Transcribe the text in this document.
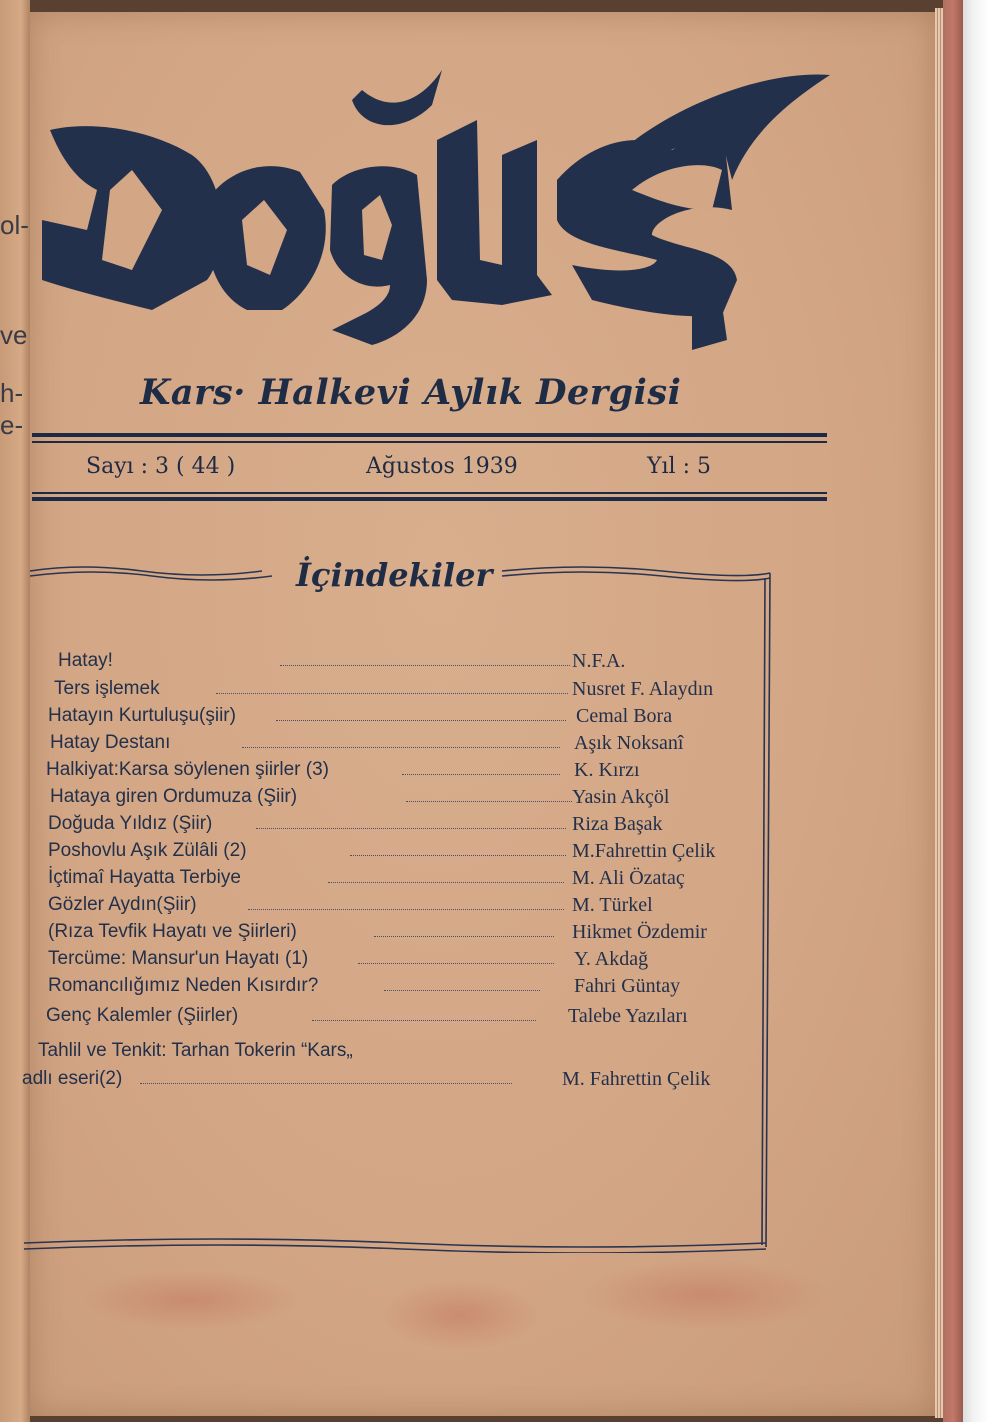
ol-
ve
h-
e-
Kars· Halkevi Aylık Dergisi
Sayı : 3 ( 44 )	Ağustos 1939	Yıl : 5
İçindekiler
Hatay!	N.F.A.
Ters işlemek	Nusret F. Alaydın
Hatayın Kurtuluşu(şiir)	Cemal Bora
Hatay Destanı	Aşık Noksanî
Halkiyat:Karsa söylenen şiirler (3)	K. Kırzı
Hataya giren Ordumuza (Şiir)	Yasin Akçöl
Doğuda Yıldız (Şiir)	Riza Başak
Poshovlu Aşık Zülâli (2)	M.Fahrettin Çelik
İçtimaî Hayatta Terbiye	M. Ali Özataç
Gözler Aydın(Şiir)	M. Türkel
(Rıza Tevfik Hayatı ve Şiirleri)	Hikmet Özdemir
Tercüme: Mansur'un Hayatı (1)	Y. Akdağ
Romancılığımız Neden Kısırdır?	Fahri Güntay
Genç Kalemler (Şiirler)	Talebe Yazıları
Tahlil ve Tenkit: Tarhan Tokerin “Kars„
adlı eseri(2)	M. Fahrettin Çelik
